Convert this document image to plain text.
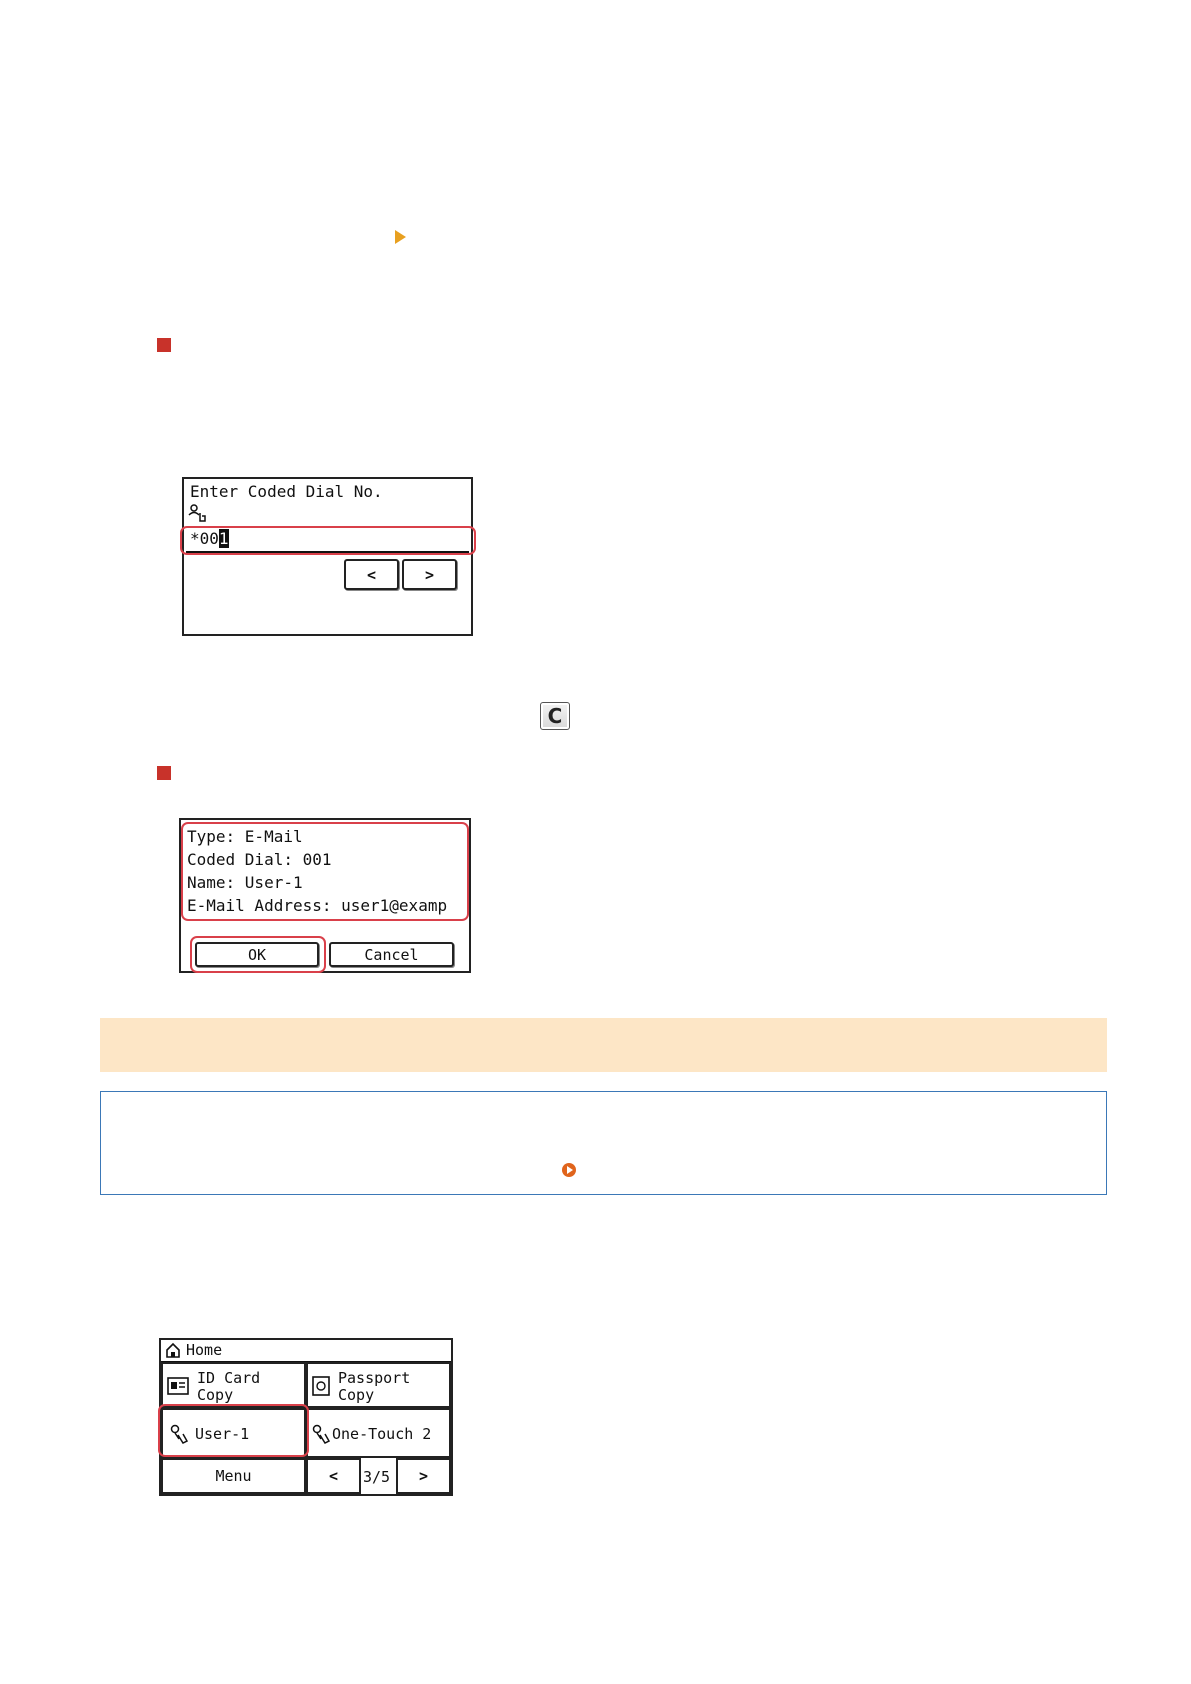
Enter Coded Dial No.
*001
<	>
C
Type: E-Mail
Coded Dial: 001
Name: User-1
E-Mail Address: user1@examp
OK	Cancel
Home
ID Card
Copy
Passport
Copy
User-1	One-Touch 2
Menu	< 3/5 >
